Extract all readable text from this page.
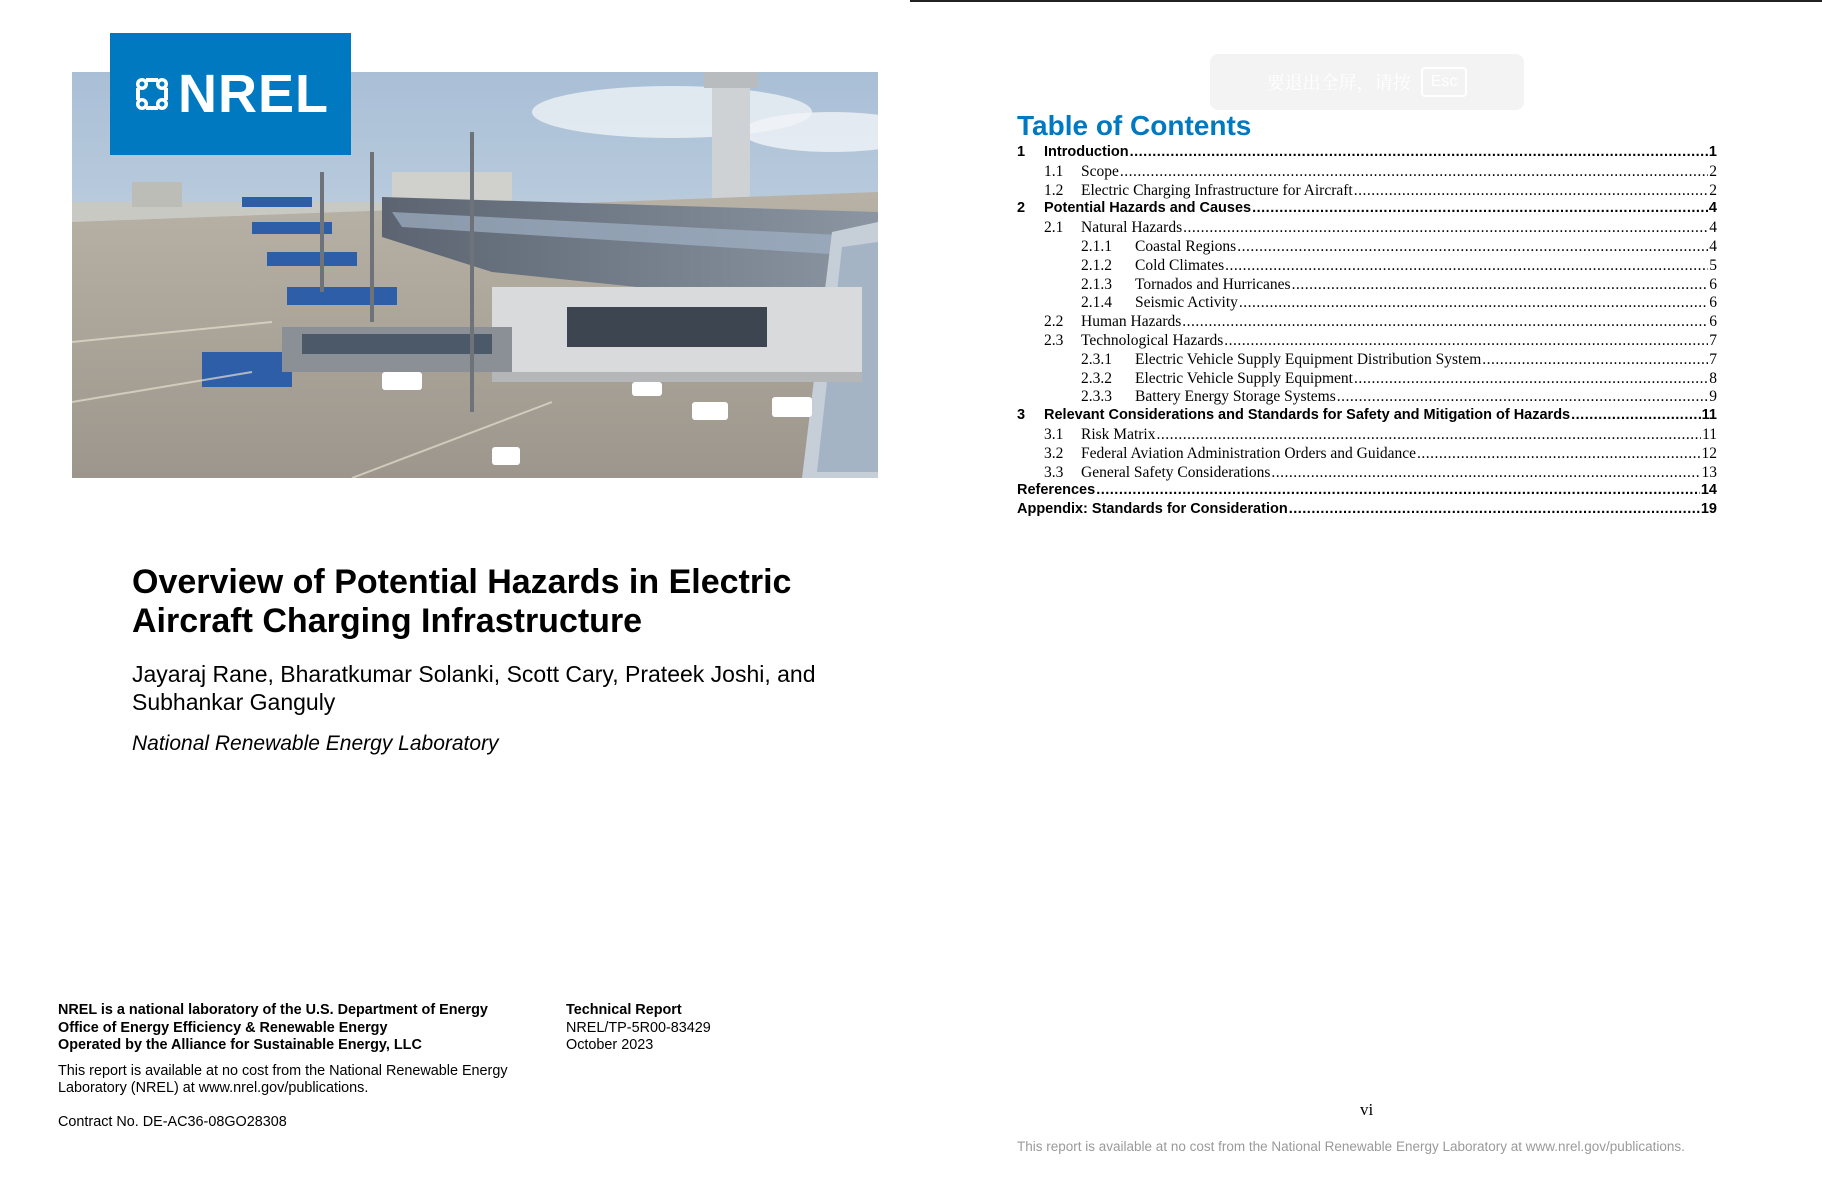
NREL
Overview of Potential Hazards in Electric Aircraft Charging Infrastructure
Jayaraj Rane, Bharatkumar Solanki, Scott Cary, Prateek Joshi, and Subhankar Ganguly
National Renewable Energy Laboratory
NREL is a national laboratory of the U.S. Department of Energy
Office of Energy Efficiency & Renewable Energy
Operated by the Alliance for Sustainable Energy, LLC
This report is available at no cost from the National Renewable Energy Laboratory (NREL) at www.nrel.gov/publications.
Contract No. DE-AC36-08GO28308
Technical Report
NREL/TP-5R00-83429
October 2023
要退出全屏，请按	Esc
Table of Contents
1	Introduction .....	1
1.1	Scope .....	2
1.2	Electric Charging Infrastructure for Aircraft .....	2
2	Potential Hazards and Causes .....	4
2.1	Natural Hazards .....	4
2.1.1	Coastal Regions .....	4
2.1.2	Cold Climates .....	5
2.1.3	Tornados and Hurricanes .....	6
2.1.4	Seismic Activity .....	6
2.2	Human Hazards .....	6
2.3	Technological Hazards .....	7
2.3.1	Electric Vehicle Supply Equipment Distribution System .....	7
2.3.2	Electric Vehicle Supply Equipment .....	8
2.3.3	Battery Energy Storage Systems .....	9
3	Relevant Considerations and Standards for Safety and Mitigation of Hazards .....	11
3.1	Risk Matrix .....	11
3.2	Federal Aviation Administration Orders and Guidance .....	12
3.3	General Safety Considerations .....	13
References .....	14
Appendix: Standards for Consideration .....	19
vi
This report is available at no cost from the National Renewable Energy Laboratory at www.nrel.gov/publications.
